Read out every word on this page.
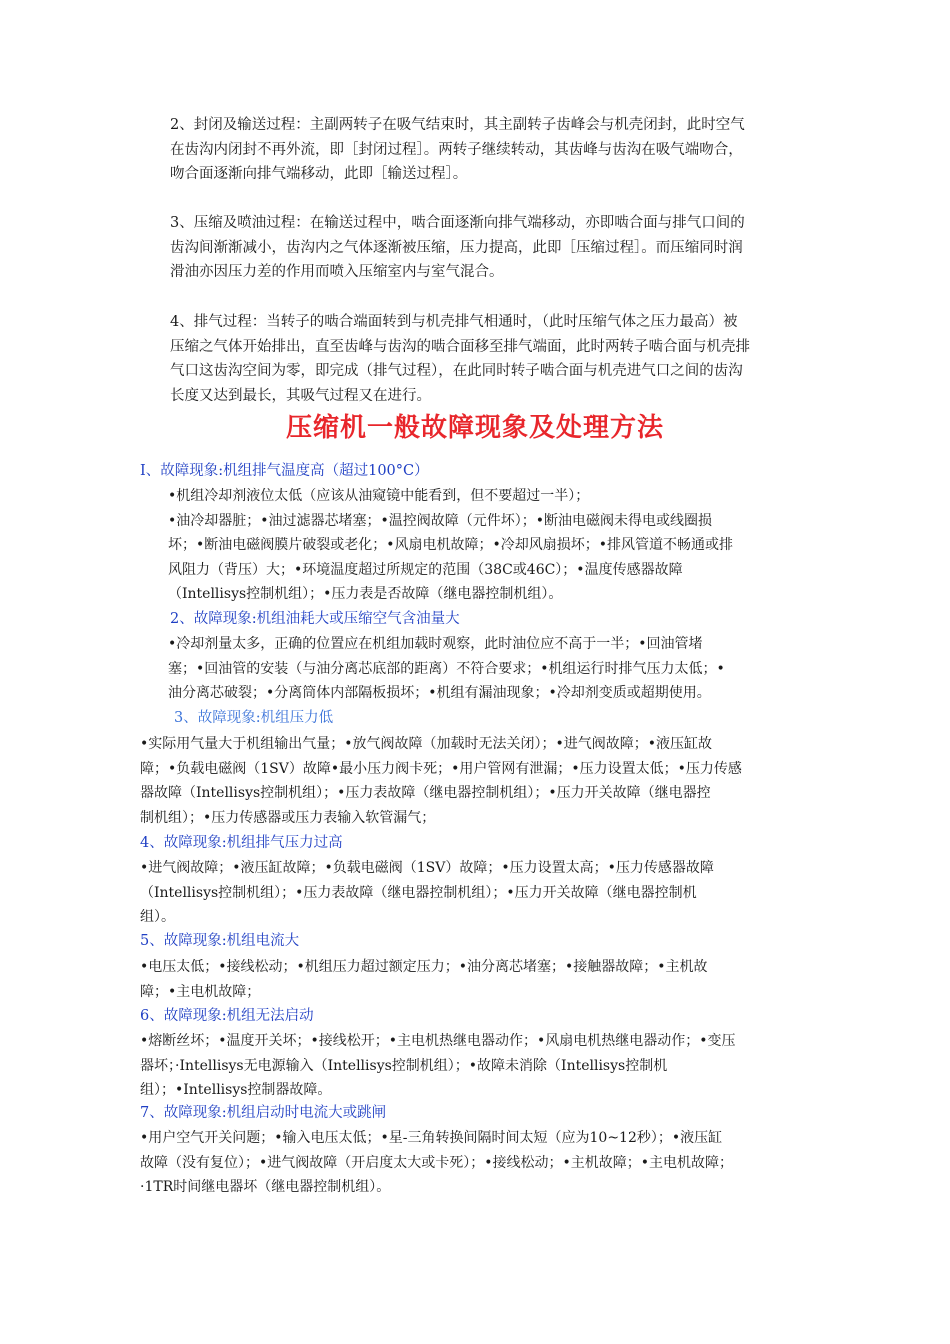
2、封闭及输送过程：主副两转子在吸气结束时，其主副转子齿峰会与机壳闭封，此时空气
在齿沟内闭封不再外流，即［封闭过程］。两转子继续转动，其齿峰与齿沟在吸气端吻合，
吻合面逐渐向排气端移动，此即［输送过程］。

3、压缩及喷油过程：在输送过程中，啮合面逐渐向排气端移动，亦即啮合面与排气口间的
齿沟间渐渐减小，齿沟内之气体逐渐被压缩，压力提高，此即［压缩过程］。而压缩同时润
滑油亦因压力差的作用而喷入压缩室内与室气混合。

4、排气过程：当转子的啮合端面转到与机壳排气相通时，（此时压缩气体之压力最高）被
压缩之气体开始排出，直至齿峰与齿沟的啮合面移至排气端面，此时两转子啮合面与机壳排
气口这齿沟空间为零，即完成（排气过程），在此同时转子啮合面与机壳进气口之间的齿沟
长度又达到最长，其吸气过程又在进行。

压缩机一般故障现象及处理方法

I、故障现象:机组排气温度高（超过100°C）

•机组冷却剂液位太低（应该从油窥镜中能看到，但不要超过一半）；
•油冷却器脏；•油过滤器芯堵塞；•温控阀故障（元件坏）；•断油电磁阀未得电或线圈损
坏；•断油电磁阀膜片破裂或老化；•风扇电机故障；•冷却风扇损坏；•排风管道不畅通或排
风阻力（背压）大；•环境温度超过所规定的范围（38C或46C）；•温度传感器故障
（Intellisys控制机组）；•压力表是否故障（继电器控制机组）。

2、故障现象:机组油耗大或压缩空气含油量大

•冷却剂量太多，正确的位置应在机组加载时观察，此时油位应不高于一半；•回油管堵
塞；•回油管的安装（与油分离芯底部的距离）不符合要求；•机组运行时排气压力太低；•
油分离芯破裂；•分离筒体内部隔板损坏；•机组有漏油现象；•冷却剂变质或超期使用。

3、故障现象:机组压力低

•实际用气量大于机组输出气量；•放气阀故障（加载时无法关闭）；•进气阀故障；•液压缸故
障；•负载电磁阀（1SV）故障•最小压力阀卡死；•用户管网有泄漏；•压力设置太低；•压力传感
器故障（Intellisys控制机组）；•压力表故障（继电器控制机组）；•压力开关故障（继电器控
制机组）；•压力传感器或压力表输入软管漏气；

4、故障现象:机组排气压力过高

•进气阀故障；•液压缸故障；•负载电磁阀（1SV）故障；•压力设置太高；•压力传感器故障
（Intellisys控制机组）；•压力表故障（继电器控制机组）；•压力开关故障（继电器控制机
组）。

5、故障现象:机组电流大

•电压太低；•接线松动；•机组压力超过额定压力；•油分离芯堵塞；•接触器故障；•主机故
障；•主电机故障；

6、故障现象:机组无法启动

•熔断丝坏；•温度开关坏；•接线松开；•主电机热继电器动作；•风扇电机热继电器动作；•变压
器坏；·Intellisys无电源输入（Intellisys控制机组）；•故障未消除（Intellisys控制机
组）；•Intellisys控制器故障。

7、故障现象:机组启动时电流大或跳闸

•用户空气开关问题；•输入电压太低；•星-三角转换间隔时间太短（应为10~12秒）；•液压缸
故障（没有复位）；•进气阀故障（开启度太大或卡死）；•接线松动；•主机故障；•主电机故障；
·1TR时间继电器坏（继电器控制机组）。
